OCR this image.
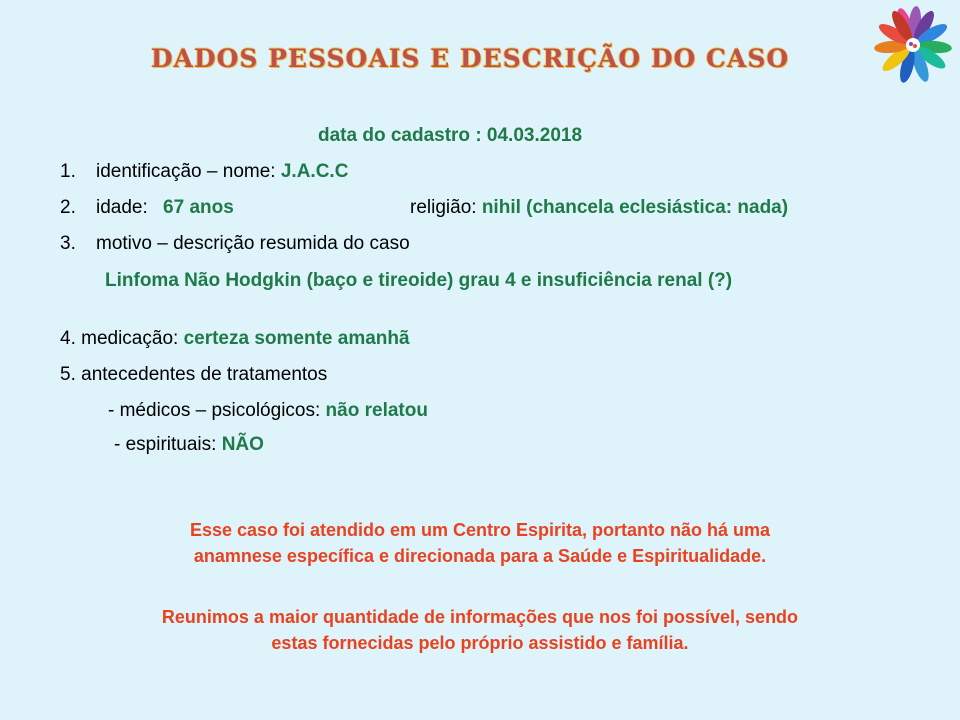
DADOS PESSOAIS E DESCRIÇÃO DO CASO
data do cadastro : 04.03.2018
1. identificação – nome: J.A.C.C
2. idade: 67 anos	religião: nihil (chancela eclesiástica: nada)
3. motivo – descrição resumida do caso
Linfoma Não Hodgkin (baço e tireoide) grau 4 e insuficiência renal (?)
4. medicação: certeza somente amanhã
5. antecedentes de tratamentos
- médicos – psicológicos: não relatou
- espirituais: NÃO
Esse caso foi atendido em um Centro Espirita, portanto não há uma
anamnese específica e direcionada para a Saúde e Espiritualidade.
Reunimos a maior quantidade de informações que nos foi possível, sendo
estas fornecidas pelo próprio assistido e família.
